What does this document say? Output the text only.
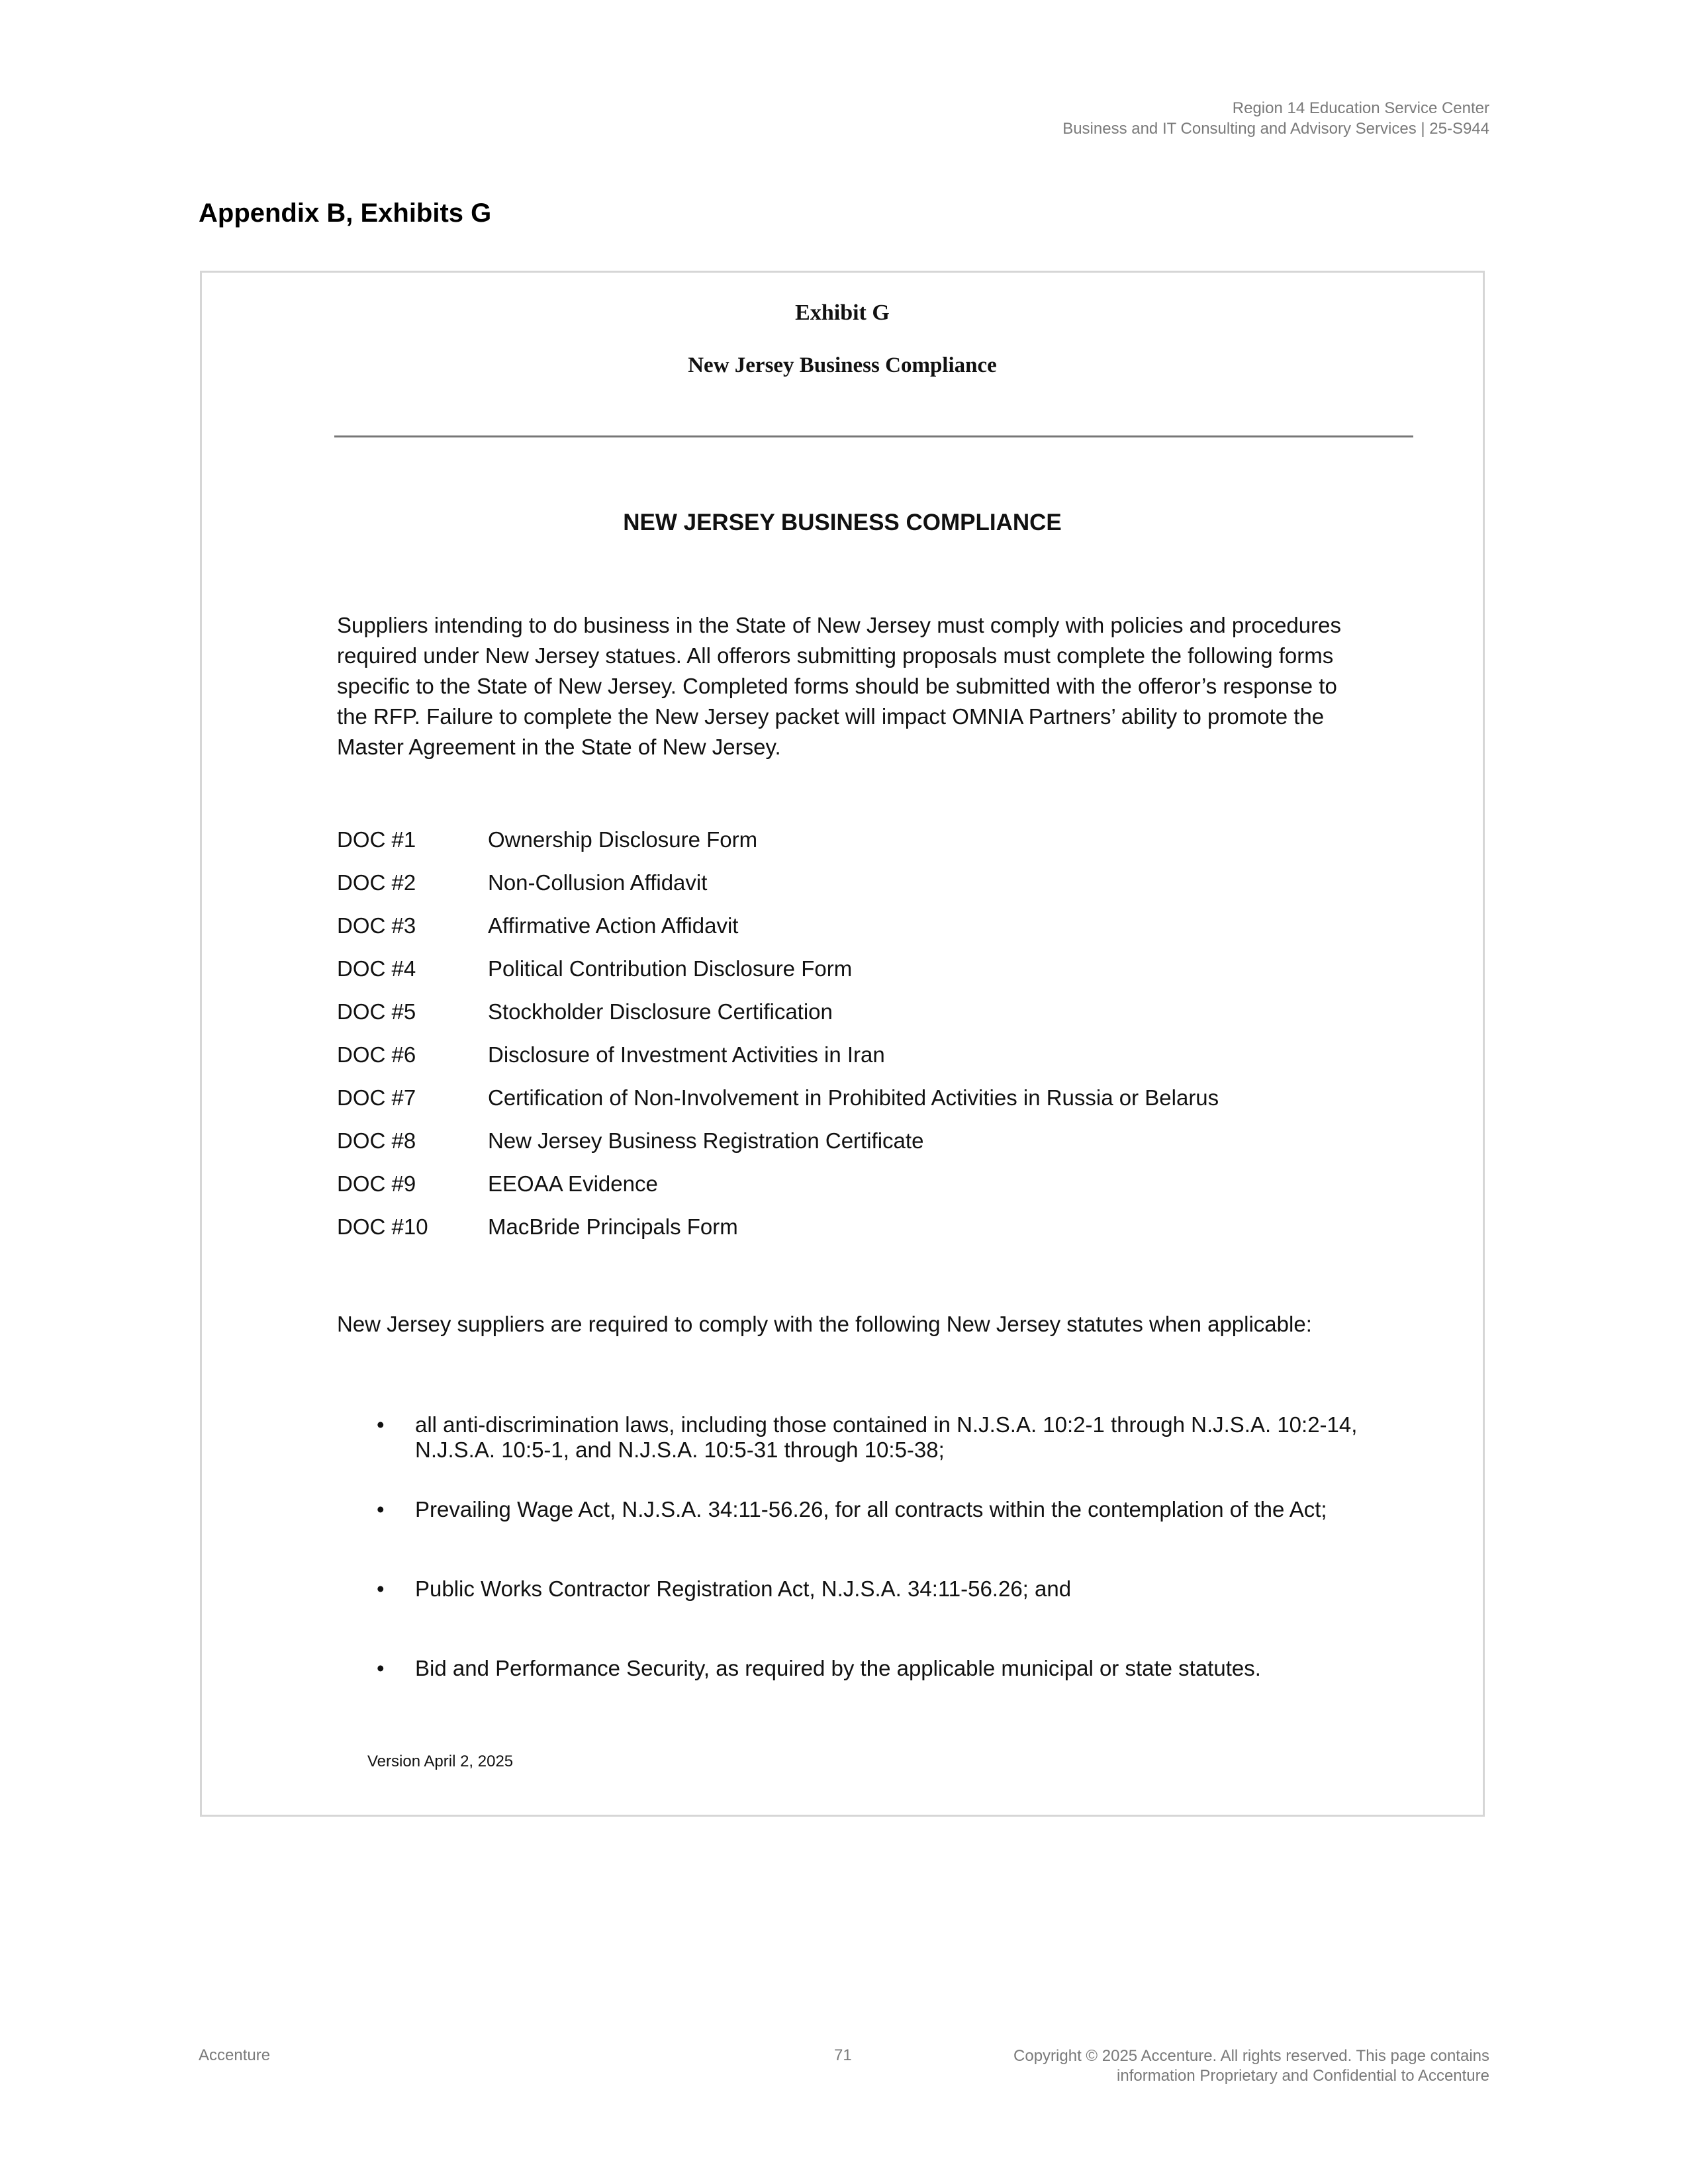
Region 14 Education Service Center
Business and IT Consulting and Advisory Services | 25-S944
Appendix B, Exhibits G
Exhibit G
New Jersey Business Compliance
NEW JERSEY BUSINESS COMPLIANCE

Suppliers intending to do business in the State of New Jersey must comply with policies and procedures
required under New Jersey statues. All offerors submitting proposals must complete the following forms
specific to the State of New Jersey. Completed forms should be submitted with the offeror’s response to
the RFP. Failure to complete the New Jersey packet will impact OMNIA Partners’ ability to promote the
Master Agreement in the State of New Jersey.

DOC #1	Ownership Disclosure Form
DOC #2	Non-Collusion Affidavit
DOC #3	Affirmative Action Affidavit
DOC #4	Political Contribution Disclosure Form
DOC #5	Stockholder Disclosure Certification
DOC #6	Disclosure of Investment Activities in Iran
DOC #7	Certification of Non-Involvement in Prohibited Activities in Russia or Belarus
DOC #8	New Jersey Business Registration Certificate
DOC #9	EEOAA Evidence
DOC #10	MacBride Principals Form

New Jersey suppliers are required to comply with the following New Jersey statutes when applicable:

• all anti-discrimination laws, including those contained in N.J.S.A. 10:2-1 through N.J.S.A. 10:2-14,
N.J.S.A. 10:5-1, and N.J.S.A. 10:5-31 through 10:5-38;
• Prevailing Wage Act, N.J.S.A. 34:11-56.26, for all contracts within the contemplation of the Act;
• Public Works Contractor Registration Act, N.J.S.A. 34:11-56.26; and
• Bid and Performance Security, as required by the applicable municipal or state statutes.
Version April 2, 2025
Accenture	71	Copyright © 2025 Accenture. All rights reserved. This page contains
information Proprietary and Confidential to Accenture
